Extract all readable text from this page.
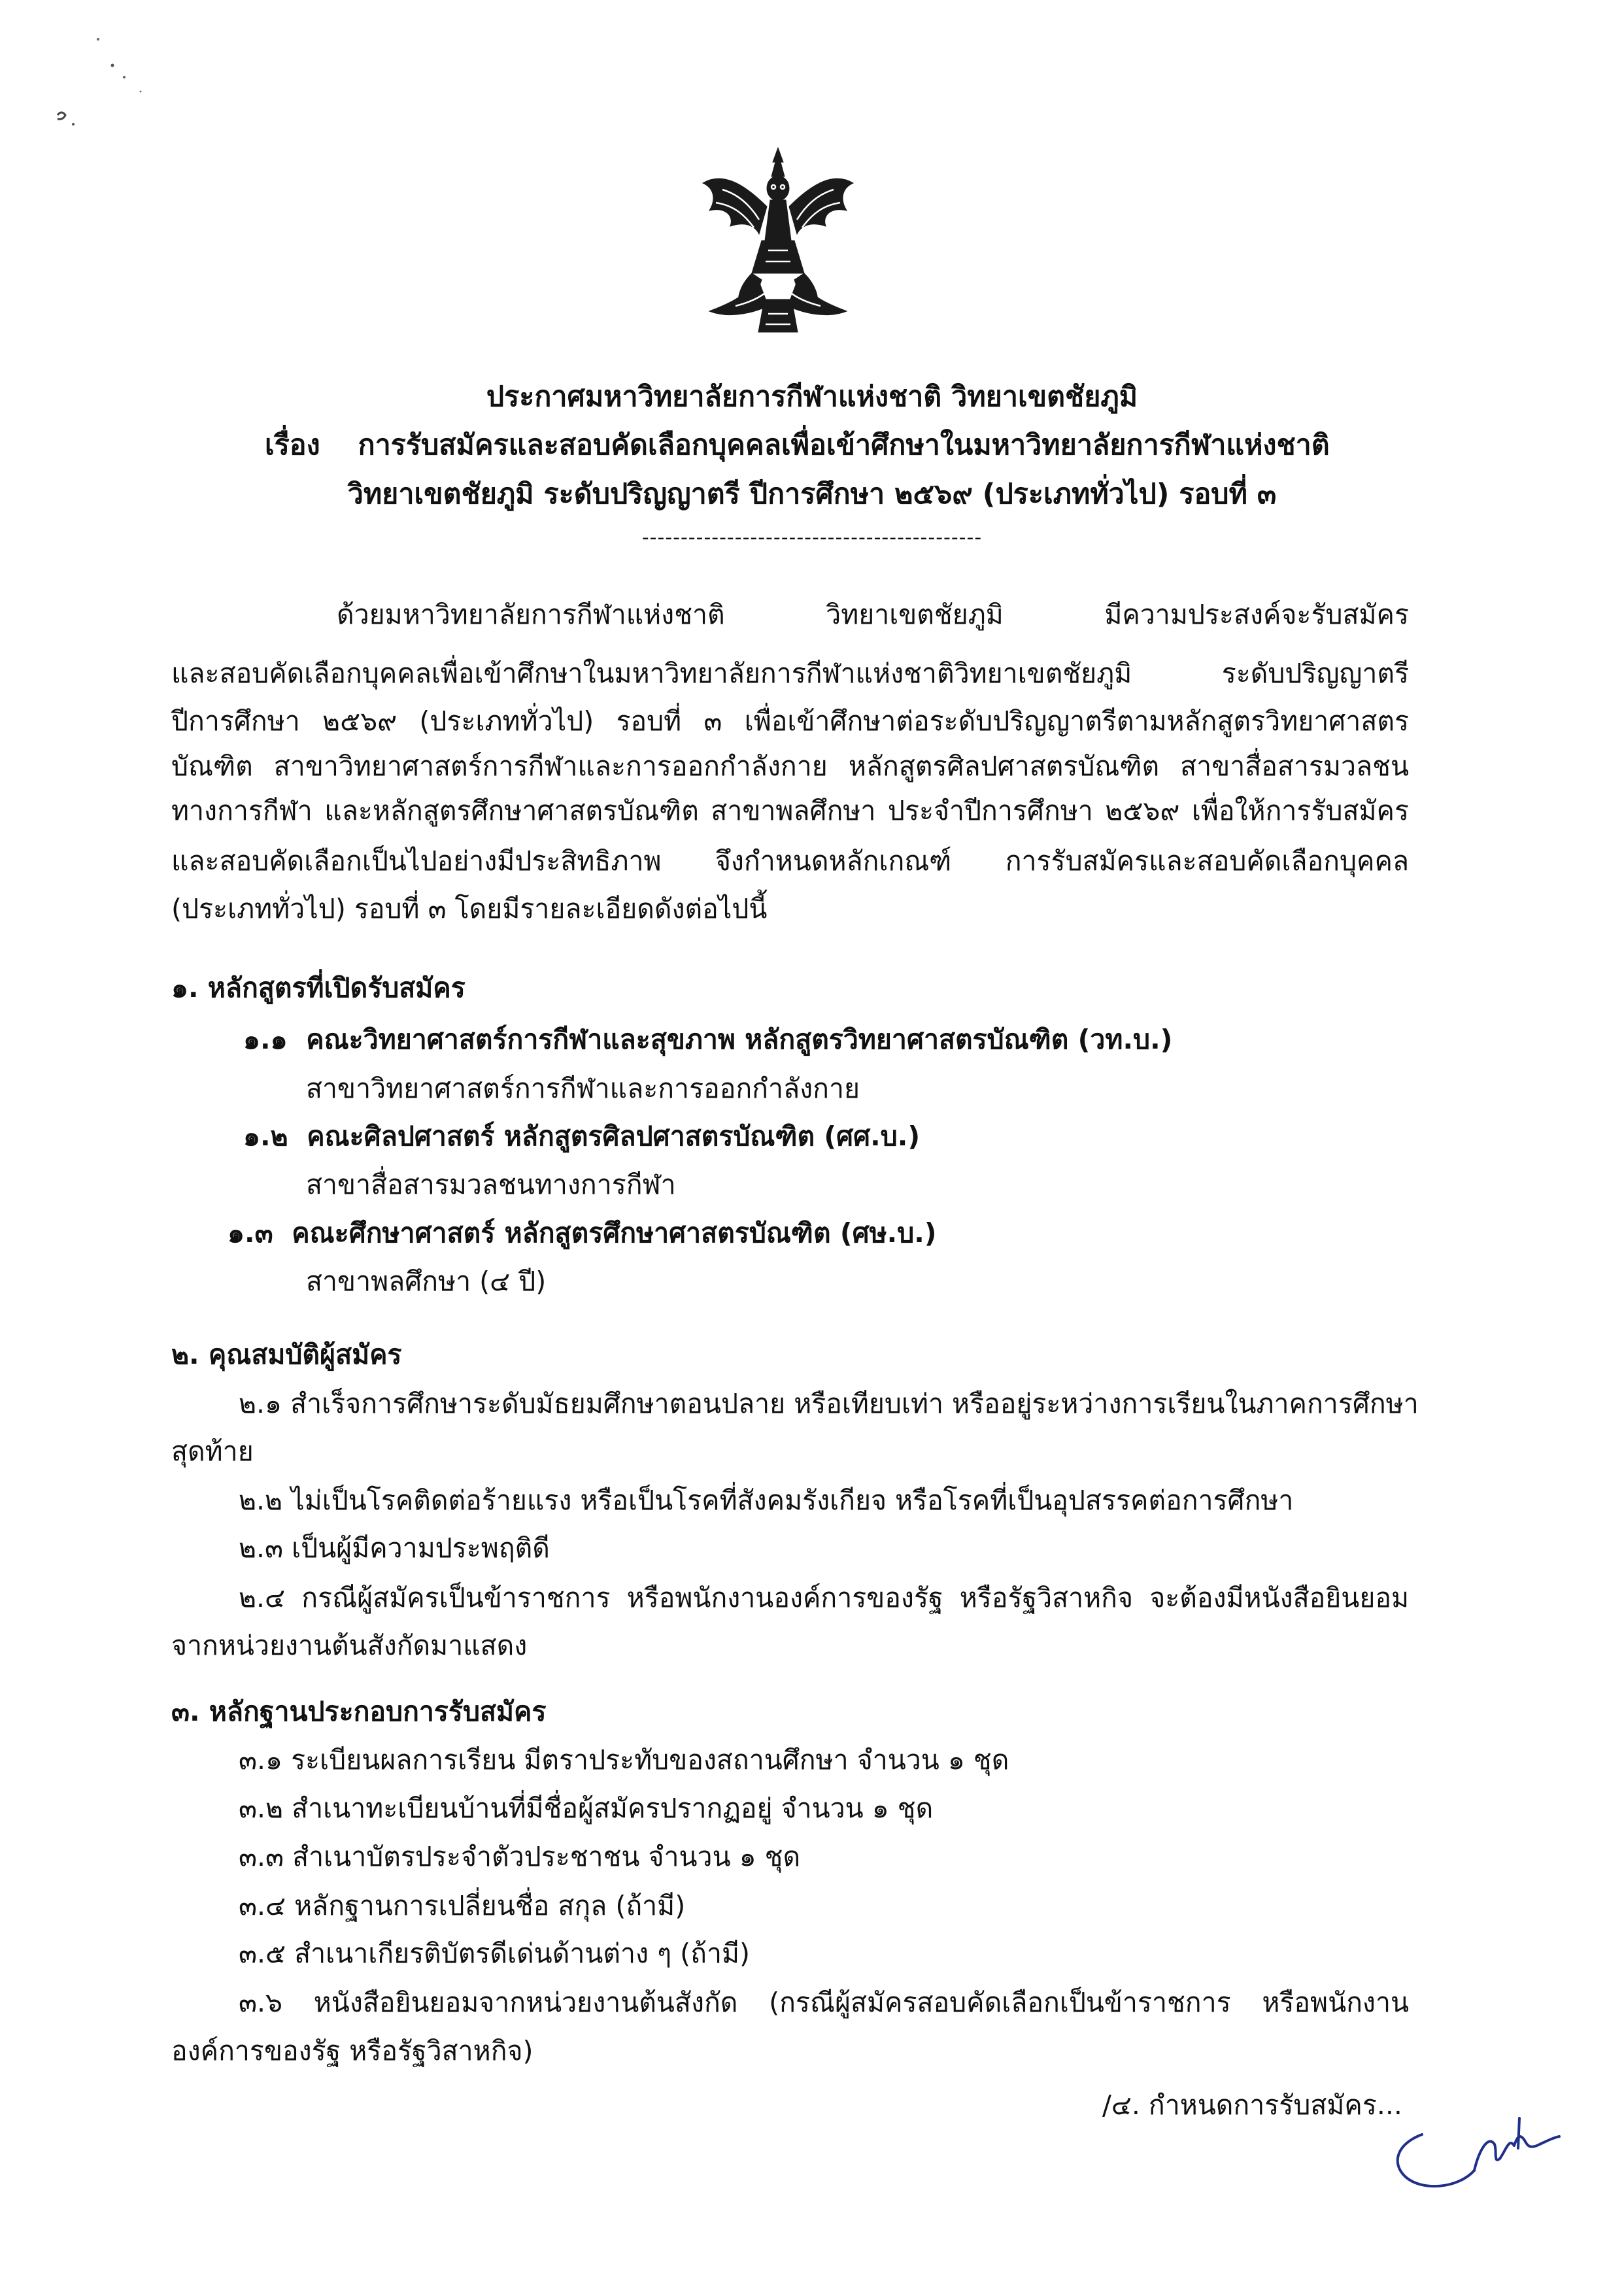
ประกาศมหาวิทยาลัยการกีฬาแห่งชาติ วิทยาเขตชัยภูมิ
เรื่อง การรับสมัครและสอบคัดเลือกบุคคลเพื่อเข้าศึกษาในมหาวิทยาลัยการกีฬาแห่งชาติ
วิทยาเขตชัยภูมิ ระดับปริญญาตรี ปีการศึกษา ๒๕๖๙ (ประเภททั่วไป) รอบที่ ๓
--------------------------------------------
ด้วยมหาวิทยาลัยการกีฬาแห่งชาติ วิทยาเขตชัยภูมิ มีความประสงค์จะรับสมัคร
และสอบคัดเลือกบุคคลเพื่อเข้าศึกษาในมหาวิทยาลัยการกีฬาแห่งชาติวิทยาเขตชัยภูมิ ระดับปริญญาตรี
ปีการศึกษา ๒๕๖๙ (ประเภททั่วไป) รอบที่ ๓ เพื่อเข้าศึกษาต่อระดับปริญญาตรีตามหลักสูตรวิทยาศาสตร
บัณฑิต สาขาวิทยาศาสตร์การกีฬาและการออกกำลังกาย หลักสูตรศิลปศาสตรบัณฑิต สาขาสื่อสารมวลชน
ทางการกีฬา และหลักสูตรศึกษาศาสตรบัณฑิต สาขาพลศึกษา ประจำปีการศึกษา ๒๕๖๙ เพื่อให้การรับสมัคร
และสอบคัดเลือกเป็นไปอย่างมีประสิทธิภาพ จึงกำหนดหลักเกณฑ์ การรับสมัครและสอบคัดเลือกบุคคล
(ประเภททั่วไป) รอบที่ ๓ โดยมีรายละเอียดดังต่อไปนี้
๑. หลักสูตรที่เปิดรับสมัคร
๑.๑ คณะวิทยาศาสตร์การกีฬาและสุขภาพ หลักสูตรวิทยาศาสตรบัณฑิต (วท.บ.)
สาขาวิทยาศาสตร์การกีฬาและการออกกำลังกาย
๑.๒ คณะศิลปศาสตร์ หลักสูตรศิลปศาสตรบัณฑิต (ศศ.บ.)
สาขาสื่อสารมวลชนทางการกีฬา
๑.๓ คณะศึกษาศาสตร์ หลักสูตรศึกษาศาสตรบัณฑิต (ศษ.บ.)
สาขาพลศึกษา (๔ ปี)
๒. คุณสมบัติผู้สมัคร
๒.๑ สำเร็จการศึกษาระดับมัธยมศึกษาตอนปลาย หรือเทียบเท่า หรืออยู่ระหว่างการเรียนในภาคการศึกษา
สุดท้าย
๒.๒ ไม่เป็นโรคติดต่อร้ายแรง หรือเป็นโรคที่สังคมรังเกียจ หรือโรคที่เป็นอุปสรรคต่อการศึกษา
๒.๓ เป็นผู้มีความประพฤติดี
๒.๔ กรณีผู้สมัครเป็นข้าราชการ หรือพนักงานองค์การของรัฐ หรือรัฐวิสาหกิจ จะต้องมีหนังสือยินยอม
จากหน่วยงานต้นสังกัดมาแสดง
๓. หลักฐานประกอบการรับสมัคร
๓.๑ ระเบียนผลการเรียน มีตราประทับของสถานศึกษา จำนวน ๑ ชุด
๓.๒ สำเนาทะเบียนบ้านที่มีชื่อผู้สมัครปรากฏอยู่ จำนวน ๑ ชุด
๓.๓ สำเนาบัตรประจำตัวประชาชน จำนวน ๑ ชุด
๓.๔ หลักฐานการเปลี่ยนชื่อ สกุล (ถ้ามี)
๓.๕ สำเนาเกียรติบัตรดีเด่นด้านต่าง ๆ (ถ้ามี)
๓.๖ หนังสือยินยอมจากหน่วยงานต้นสังกัด (กรณีผู้สมัครสอบคัดเลือกเป็นข้าราชการ หรือพนักงาน
องค์การของรัฐ หรือรัฐวิสาหกิจ)
/๔. กำหนดการรับสมัคร...
